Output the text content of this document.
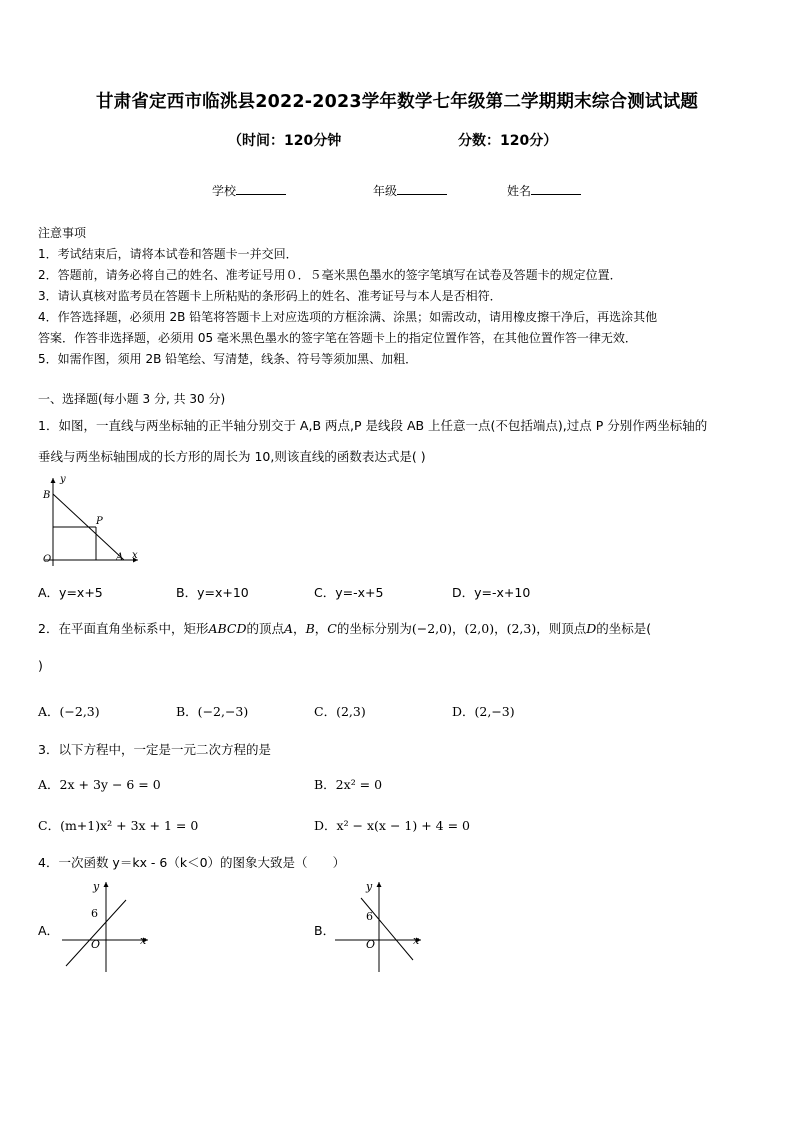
甘肃省定西市临洮县2022-2023学年数学七年级第二学期期末综合测试试题
（时间：120分钟	分数：120分）
学校	年级	姓名
注意事项
1．考试结束后，请将本试卷和答题卡一并交回．
2．答题前，请务必将自己的姓名、准考证号用０．５毫米黑色墨水的签字笔填写在试卷及答题卡的规定位置．
3．请认真核对监考员在答题卡上所粘贴的条形码上的姓名、准考证号与本人是否相符．
4．作答选择题，必须用 2B 铅笔将答题卡上对应选项的方框涂满、涂黑；如需改动，请用橡皮擦干净后，再选涂其他
答案．作答非选择题，必须用 05 毫米黑色墨水的签字笔在答题卡上的指定位置作答，在其他位置作答一律无效．
5．如需作图，须用 2B 铅笔绘、写清楚，线条、符号等须加黑、加粗．
一、选择题(每小题 3 分, 共 30 分)
1．如图，一直线与两坐标轴的正半轴分别交于 A,B 两点,P 是线段 AB 上任意一点(不包括端点),过点 P 分别作两坐标轴的
垂线与两坐标轴围成的长方形的周长为 10,则该直线的函数表达式是( )
y
B
P
O	A x
A．y=x+5	B．y=x+10	C．y=-x+5	D．y=-x+10
2．在平面直角坐标系中，矩形ABCD的顶点A，B，C的坐标分别为(−2,0)，(2,0)，(2,3)，则顶点D的坐标是(
)
A．(−2,3)	B．(−2,−3)	C．(2,3)	D．(2,−3)
3．以下方程中，一定是一元二次方程的是
A．2x + 3y − 6 = 0	B．2x² = 0
C．(m+1)x² + 3x + 1 = 0	D．x² − x(x − 1) + 4 = 0
4．一次函数 y＝kx - 6（k＜0）的图象大致是（　　）
A．
y
6
O	x
B．
y
6
O	x
